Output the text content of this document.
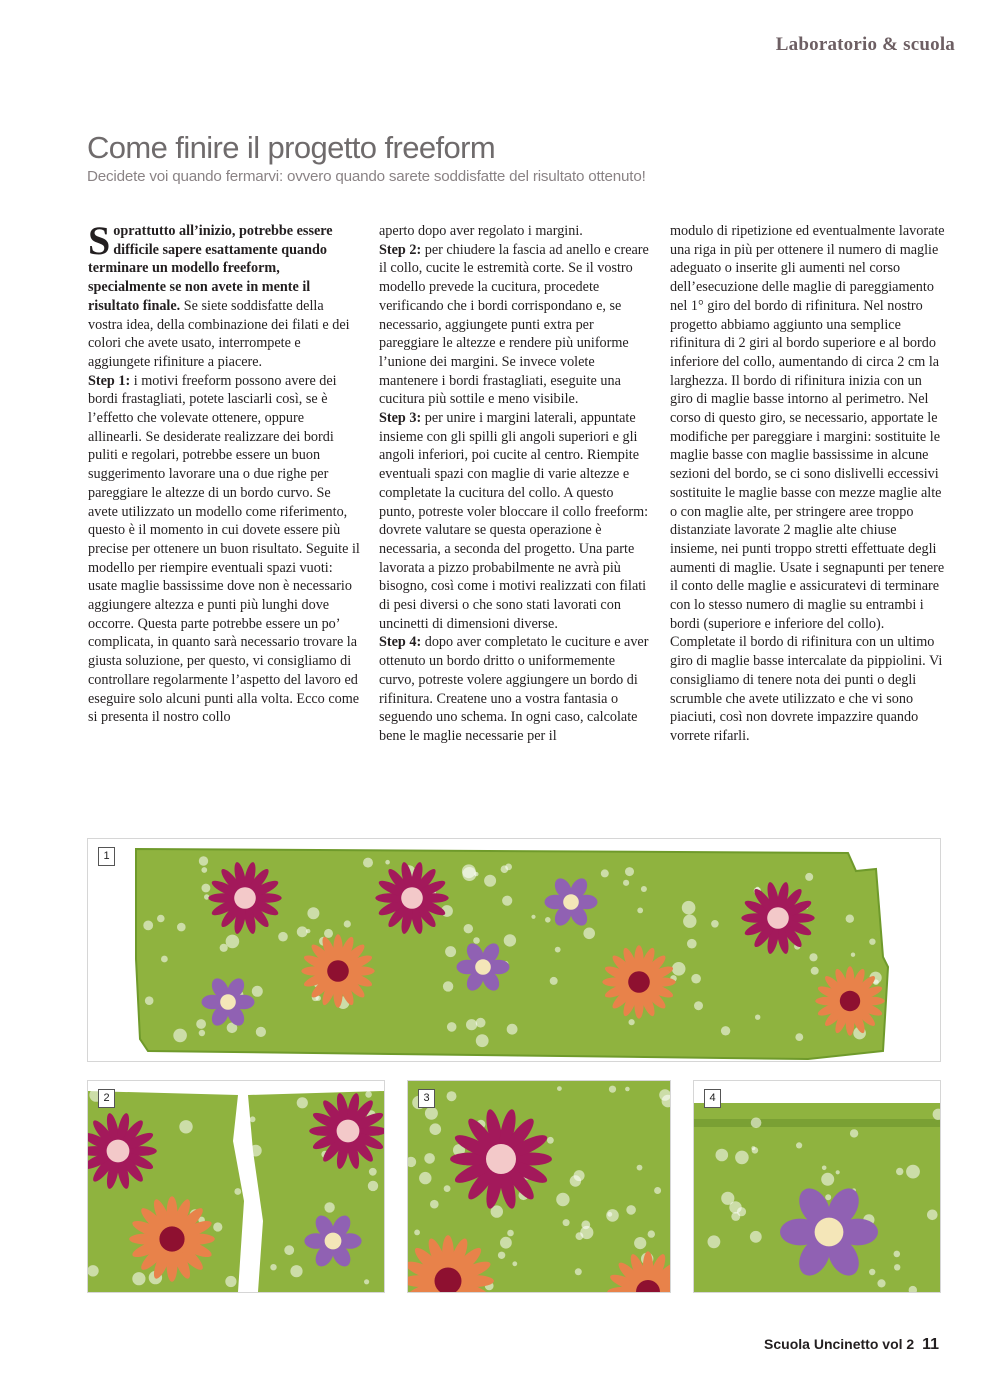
Laboratorio & scuola
Come finire il progetto freeform

Decidete voi quando fermarvi: ovvero quando sarete soddisfatte del risultato ottenuto!

Soprattutto all’inizio, potrebbe essere difficile sapere esattamente quando terminare un modello freeform, specialmente se non avete in mente il risultato finale. Se siete soddisfatte della vostra idea, della combinazione dei filati e dei colori che avete usato, interrompete e aggiungete rifiniture a piacere.

Step 1: i motivi freeform possono avere dei bordi frastagliati, potete lasciarli così, se è l’effetto che volevate ottenere, oppure allinearli. Se desiderate realizzare dei bordi puliti e regolari, potrebbe essere un buon suggerimento lavorare una o due righe per pareggiare le altezze di un bordo curvo. Se avete utilizzato un modello come riferimento, questo è il momento in cui dovete essere più precise per ottenere un buon risultato. Seguite il modello per riempire eventuali spazi vuoti: usate maglie bassissime dove non è necessario aggiungere altezza e punti più lunghi dove occorre. Questa parte potrebbe essere un po’ complicata, in quanto sarà necessario trovare la giusta soluzione, per questo, vi consigliamo di controllare regolarmente l’aspetto del lavoro ed eseguire solo alcuni punti alla volta. Ecco come si presenta il nostro collo

aperto dopo aver regolato i margini.

Step 2: per chiudere la fascia ad anello e creare il collo, cucite le estremità corte. Se il vostro modello prevede la cucitura, procedete verificando che i bordi corrispondano e, se necessario, aggiungete punti extra per pareggiare le altezze e rendere più uniforme l’unione dei margini. Se invece volete mantenere i bordi frastagliati, eseguite una cucitura più sottile e meno visibile.

Step 3: per unire i margini laterali, appuntate insieme con gli spilli gli angoli superiori e gli angoli inferiori, poi cucite al centro. Riempite eventuali spazi con maglie di varie altezze e completate la cucitura del collo. A questo punto, potreste voler bloccare il collo freeform: dovrete valutare se questa operazione è necessaria, a seconda del progetto. Una parte lavorata a pizzo probabilmente ne avrà più bisogno, così come i motivi realizzati con filati di pesi diversi o che sono stati lavorati con uncinetti di dimensioni diverse.

Step 4: dopo aver completato le cuciture e aver ottenuto un bordo dritto o uniformemente curvo, potreste volere aggiungere un bordo di rifinitura. Createne uno a vostra fantasia o seguendo uno schema. In ogni caso, calcolate bene le maglie necessarie per il

modulo di ripetizione ed eventualmente lavorate una riga in più per ottenere il numero di maglie adeguato o inserite gli aumenti nel corso dell’esecuzione delle maglie di pareggiamento nel 1° giro del bordo di rifinitura. Nel nostro progetto abbiamo aggiunto una semplice rifinitura di 2 giri al bordo superiore e al bordo inferiore del collo, aumentando di circa 2 cm la larghezza. Il bordo di rifinitura inizia con un giro di maglie basse intorno al perimetro. Nel corso di questo giro, se necessario, apportate le modifiche per pareggiare i margini: sostituite le maglie basse con maglie bassissime in alcune sezioni del bordo, se ci sono dislivelli eccessivi sostituite le maglie basse con mezze maglie alte o con maglie alte, per stringere aree troppo distanziate lavorate 2 maglie alte chiuse insieme, nei punti troppo stretti effettuate degli aumenti di maglie. Usate i segnapunti per tenere il conto delle maglie e assicuratevi di terminare con lo stesso numero di maglie su entrambi i bordi (superiore e inferiore del collo). Completate il bordo di rifinitura con un ultimo giro di maglie basse intercalate da pippiolini. Vi consigliamo di tenere nota dei punti o degli scrumble che avete utilizzato e che vi sono piaciuti, così non dovrete impazzire quando vorrete rifarli.

1
2	3	4
Scuola Uncinetto vol 2 11
